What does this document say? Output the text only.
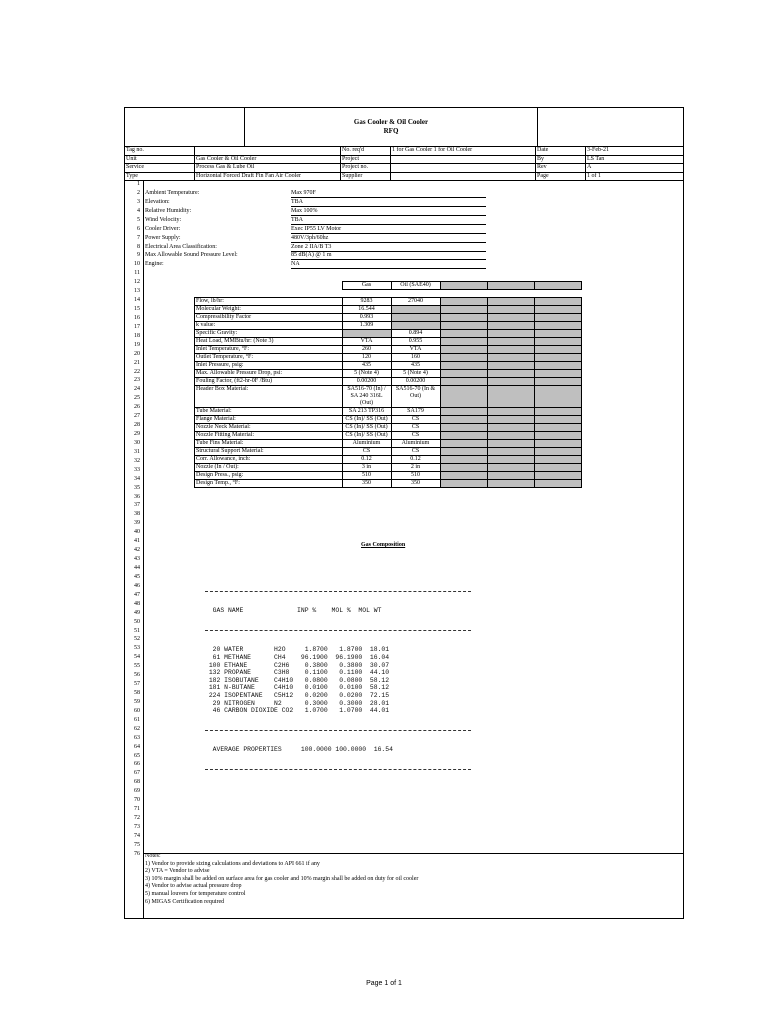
Gas Cooler & Oil Cooler
RFQ
Tag no.	No. req'd	1 for Gas Cooler 1 for Oil Cooler	Date	3-Feb-21
Unit	Gas Cooler & Oil Cooler	Project	By	LS Tan
Service	Process Gas & Lube Oil	Project no.	Rev	A
Type	Horizontal Forced Draft Fin Fan Air Cooler	Supplier	Page	1 of 1
1
2
3
4
5
6
7
8
9
10
11
12
13
14
15
16
17
18
19
20
21
22
23
24
25
26
27
28
29
30
31
32
33
34
35
36
37
38
39
40
41
42
43
44
45
46
47
48
49
50
51
52
53
54
55
56
57
58
59
60
61
62
63
64
65
66
67
68
69
70
71
72
73
74
75
76
Ambient Temperature:	Max 970F
Elevation:	TBA
Relative Humidity:	Max 100%
Wind Velocity:	TBA
Cooler Driver:	Exec IP55 LV Motor
Power Supply:	480V/3ph/60hz
Electrical Area Classification:	Zone 2 IIA/B T3
Max Allowable Sound Pressure Level:	85 dB(A) @ 1 m
Engine:	NA
	Gas	Oil (SAE40)			

Flow, lb/hr:	9283	27040			
Molecular Weight:	16.544				
Compressibility Factor	0.993				
k value:	1.309				
Specific Gravity:		0.894			
Heat Load, MMBtu/hr: (Note 3)	VTA	0.955			
Inlet Temperature, °F:	260	VTA			
Outlet Temperature, °F:	120	160			
Inlet Pressure, psig:	435	435			
Max. Allowable Pressure Drop, psi:	5 (Note 4)	5 (Note 4)			
Fouling Factor, (ft2-hr-0F /Btu)	0.00200	0.00200			
Header Box Material:	SA516-70 (In) / SA 240 316L (Out)	SA516-70 (In & Out)			
Tube Material:	SA 213 TP316	SA179			
Flange Material:	CS (In)/ SS (Out)	CS			
Nozzle Neck Material:	CS (In)/ SS (Out)	CS			
Nozzle Fitting Material:	CS (In)/ SS (Out)	CS			
Tube Fins Material:	Aluminium	Aluminium			
Structural Support Material:	CS	CS			
Corr. Allowance, inch:	0.12	0.12			
Nozzle (In / Out):	3 in	2 in			
Design Press., psig:	510	510			
Design Temp., °F:	350	350			
Gas Composition

GAS NAME              INP %    MOL %  MOL WT

20 WATER        H2O     1.8700   1.8700  18.01
61 METHANE      CH4    96.1900  96.1900  16.04
100 ETHANE       C2H6    0.3800   0.3800  30.07
132 PROPANE      C3H8    0.1100   0.1100  44.10
182 ISOBUTANE    C4H10   0.0800   0.0800  58.12
181 N-BUTANE     C4H10   0.0100   0.0100  58.12
224 ISOPENTANE   C5H12   0.0200   0.0200  72.15
29 NITROGEN     N2      0.3000   0.3000  28.01
46 CARBON DIOXIDE CO2   1.0700   1.0700  44.01

AVERAGE PROPERTIES     100.0000 100.0000  16.54

Notes:
1) Vendor to provide sizing calculations and deviations to API 661 if any
2) VTA = Vendor to advise
3) 10% margin shall be added on surface area for gas cooler and 10% margin shall be added on duty for oil cooler
4) Vendor to advise actual pressure drop
5) manual louvers for temperature control
6) MIGAS Certification required
Page 1 of 1
